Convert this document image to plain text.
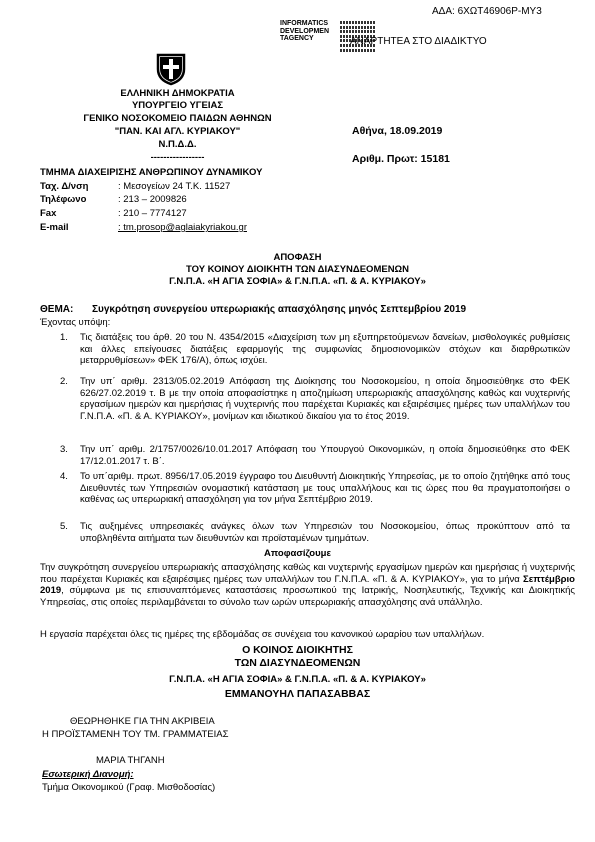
ΑΔΑ: 6ΧΩΤ46906Ρ-ΜΥ3
INFORMATICS
DEVELOPMEN
TAGENCY	ΑΝΑΡΤΗΤΕΑ ΣΤΟ ΔΙΑΔΙΚΤΥΟ
ΕΛΛΗΝΙΚΗ ΔΗΜΟΚΡΑΤΙΑ
ΥΠΟΥΡΓΕΙΟ ΥΓΕΙΑΣ
ΓΕΝΙΚΟ ΝΟΣΟΚΟΜΕΙΟ ΠΑΙΔΩΝ ΑΘΗΝΩΝ
"ΠΑΝ. ΚΑΙ ΑΓΛ. ΚΥΡΙΑΚΟΥ"
Ν.Π.Δ.Δ.
-----------------
Αθήνα, 18.09.2019
Αριθμ. Πρωτ: 15181
ΤΜΗΜΑ ΔΙΑΧΕΙΡΙΣΗΣ ΑΝΘΡΩΠΙΝΟΥ ΔΥΝΑΜΙΚΟΥ
Ταχ. Δ/νση	: Μεσογείων 24 Τ.Κ. 11527
Τηλέφωνο	: 213 – 2009826
Fax	: 210 – 7774127
E-mail	: tm.prosop@aglaiakyriakou.gr
ΑΠΟΦΑΣΗ
ΤΟΥ ΚΟΙΝΟΥ ΔΙΟΙΚΗΤΗ ΤΩΝ ΔΙΑΣΥΝΔΕΟΜΕΝΩΝ
Γ.Ν.Π.Α. «Η ΑΓΙΑ ΣΟΦΙΑ» & Γ.Ν.Π.Α. «Π. & Α. ΚΥΡΙΑΚΟΥ»
ΘΕΜΑ: Συγκρότηση συνεργείου υπερωριακής απασχόλησης μηνός Σεπτεμβρίου 2019
Έχοντας υπόψη:
1.	Τις διατάξεις του άρθ. 20 του Ν. 4354/2015 «Διαχείριση των μη εξυπηρετούμενων δανείων, μισθολογικές ρυθμίσεις και άλλες επείγουσες διατάξεις εφαρμογής της συμφωνίας δημοσιονομικών στόχων και διαρθρωτικών μεταρρυθμίσεων» ΦΕΚ 176/Α), όπως ισχύει.
2.	Την υπ΄ αριθμ. 2313/05.02.2019 Απόφαση της Διοίκησης του Νοσοκομείου, η οποία δημοσιεύθηκε στο ΦΕΚ 626/27.02.2019 τ. Β με την οποία αποφασίστηκε η αποζημίωση υπερωριακής απασχόλησης καθώς και νυχτερινής εργασίμων ημερών και ημερήσιας ή νυχτερινής που παρέχεται Κυριακές και εξαιρέσιμες ημέρες των υπαλλήλων του Γ.Ν.Π.Α. «Π. & Α. ΚΥΡΙΑΚΟΥ», μονίμων και ιδιωτικού δικαίου για το έτος 2019.
3.	Την υπ΄ αριθμ. 2/1757/0026/10.01.2017 Απόφαση του Υπουργού Οικονομικών, η οποία δημοσιεύθηκε στο ΦΕΚ 17/12.01.2017 τ. Β΄.
4.	Το υπ΄αριθμ. πρωτ. 8956/17.05.2019 έγγραφο του Διευθυντή Διοικητικής Υπηρεσίας, με το οποίο ζητήθηκε από τους Διευθυντές των Υπηρεσιών ονομαστική κατάσταση με τους υπαλλήλους και τις ώρες που θα πραγματοποιήσει ο καθένας ως υπερωριακή απασχόληση για τον μήνα Σεπτέμβριο 2019.
5.	Τις αυξημένες υπηρεσιακές ανάγκες όλων των Υπηρεσιών του Νοσοκομείου, όπως προκύπτουν από τα υποβληθέντα αιτήματα των διευθυντών και προϊσταμένων τμημάτων.
Αποφασίζουμε
Την συγκρότηση συνεργείου υπερωριακής απασχόλησης καθώς και νυχτερινής εργασίμων ημερών και ημερήσιας ή νυχτερινής που παρέχεται Κυριακές και εξαιρέσιμες ημέρες των υπαλλήλων του Γ.Ν.Π.Α. «Π. & Α. ΚΥΡΙΑΚΟΥ», για το μήνα Σεπτέμβριο 2019, σύμφωνα με τις επισυναπτόμενες καταστάσεις προσωπικού της Ιατρικής, Νοσηλευτικής, Τεχνικής και Διοικητικής Υπηρεσίας, στις οποίες περιλαμβάνεται το σύνολο των ωρών υπερωριακής απασχόλησης ανά υπάλληλο.
Η εργασία παρέχεται όλες τις ημέρες της εβδομάδας σε συνέχεια του κανονικού ωραρίου των υπαλλήλων.
Ο ΚΟΙΝΟΣ ΔΙΟΙΚΗΤΗΣ
ΤΩΝ ΔΙΑΣΥΝΔΕΟΜΕΝΩΝ
Γ.Ν.Π.Α. «Η ΑΓΙΑ ΣΟΦΙΑ» & Γ.Ν.Π.Α. «Π. & Α. ΚΥΡΙΑΚΟΥ»
ΕΜΜΑΝΟΥΗΛ ΠΑΠΑΣΑΒΒΑΣ
ΘΕΩΡΗΘΗΚΕ ΓΙΑ ΤΗΝ ΑΚΡΙΒΕΙΑ
Η ΠΡΟΪΣΤΑΜΕΝΗ ΤΟΥ ΤΜ. ΓΡΑΜΜΑΤΕΙΑΣ
ΜΑΡΙΑ ΤΗΓΑΝΗ
Εσωτερική Διανομή:
Τμήμα Οικονομικού (Γραφ. Μισθοδοσίας)
